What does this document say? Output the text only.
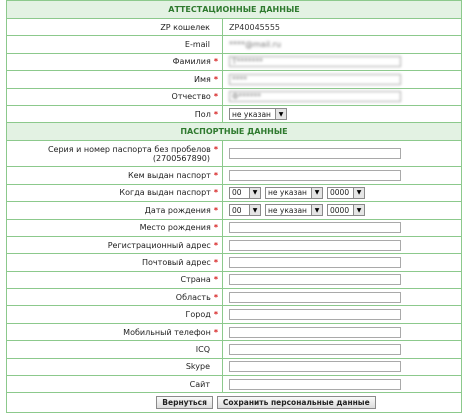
АТТЕСТАЦИОННЫЕ ДАННЫЕ
ZP кошелек	ZP40045555
E-mail	****@mail.ru
Фамилия *	Т*******
Имя *	****
Отчество *	Ф******
Пол *	не указан	▼
ПАСПОРТНЫЕ ДАННЫЕ
Серия и номер паспорта без пробелов *
(2700567890)
Кем выдан паспорт *
Когда выдан паспорт *	00	▼	не указан	▼	0000	▼
Дата рождения *	00	▼	не указан	▼	0000	▼
Место рождения *
Регистрационный адрес *
Почтовый адрес *
Страна *
Область *
Город *
Мобильный телефон *
ICQ
Skype
Сайт
Вернуться	Сохранить персональные данные
